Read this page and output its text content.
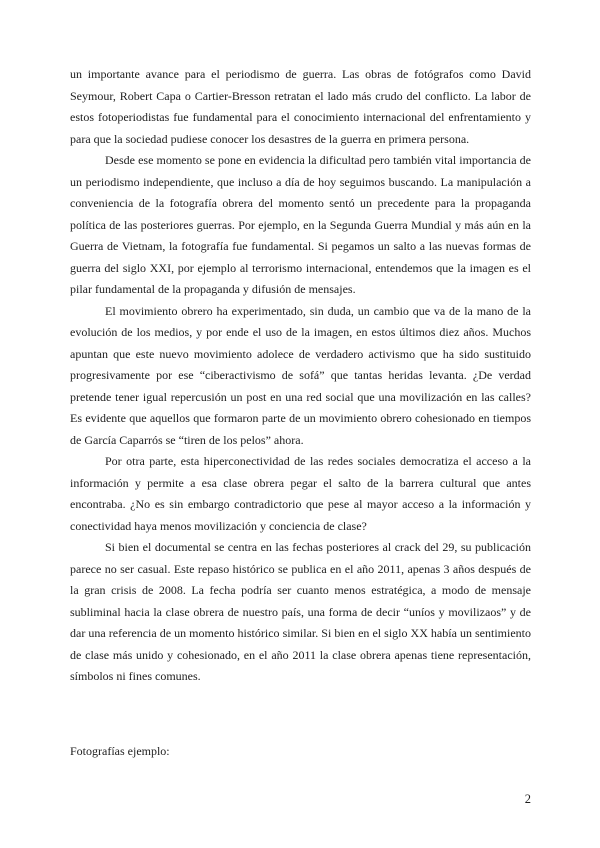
un importante avance para el periodismo de guerra. Las obras de fotógrafos como David Seymour, Robert Capa o Cartier-Bresson retratan el lado más crudo del conflicto. La labor de estos fotoperiodistas fue fundamental para el conocimiento internacional del enfrentamiento y para que la sociedad pudiese conocer los desastres de la guerra en primera persona.

Desde ese momento se pone en evidencia la dificultad pero también vital importancia de un periodismo independiente, que incluso a día de hoy seguimos buscando. La manipulación a conveniencia de la fotografía obrera del momento sentó un precedente para la propaganda política de las posteriores guerras. Por ejemplo, en la Segunda Guerra Mundial y más aún en la Guerra de Vietnam, la fotografía fue fundamental. Si pegamos un salto a las nuevas formas de guerra del siglo XXI, por ejemplo al terrorismo internacional, entendemos que la imagen es el pilar fundamental de la propaganda y difusión de mensajes.

El movimiento obrero ha experimentado, sin duda, un cambio que va de la mano de la evolución de los medios, y por ende el uso de la imagen, en estos últimos diez años. Muchos apuntan que este nuevo movimiento adolece de verdadero activismo que ha sido sustituido progresivamente por ese “ciberactivismo de sofá” que tantas heridas levanta. ¿De verdad pretende tener igual repercusión un post en una red social que una movilización en las calles? Es evidente que aquellos que formaron parte de un movimiento obrero cohesionado en tiempos de García Caparrós se “tiren de los pelos” ahora.

Por otra parte, esta hiperconectividad de las redes sociales democratiza el acceso a la información y permite a esa clase obrera pegar el salto de la barrera cultural que antes encontraba. ¿No es sin embargo contradictorio que pese al mayor acceso a la información y conectividad haya menos movilización y conciencia de clase?

Si bien el documental se centra en las fechas posteriores al crack del 29, su publicación parece no ser casual. Este repaso histórico se publica en el año 2011, apenas 3 años después de la gran crisis de 2008. La fecha podría ser cuanto menos estratégica, a modo de mensaje subliminal hacia la clase obrera de nuestro país, una forma de decir “uníos y movilizaos” y de dar una referencia de un momento histórico similar. Si bien en el siglo XX había un sentimiento de clase más unido y cohesionado, en el año 2011 la clase obrera apenas tiene representación, símbolos ni fines comunes.

Fotografías ejemplo:

2
